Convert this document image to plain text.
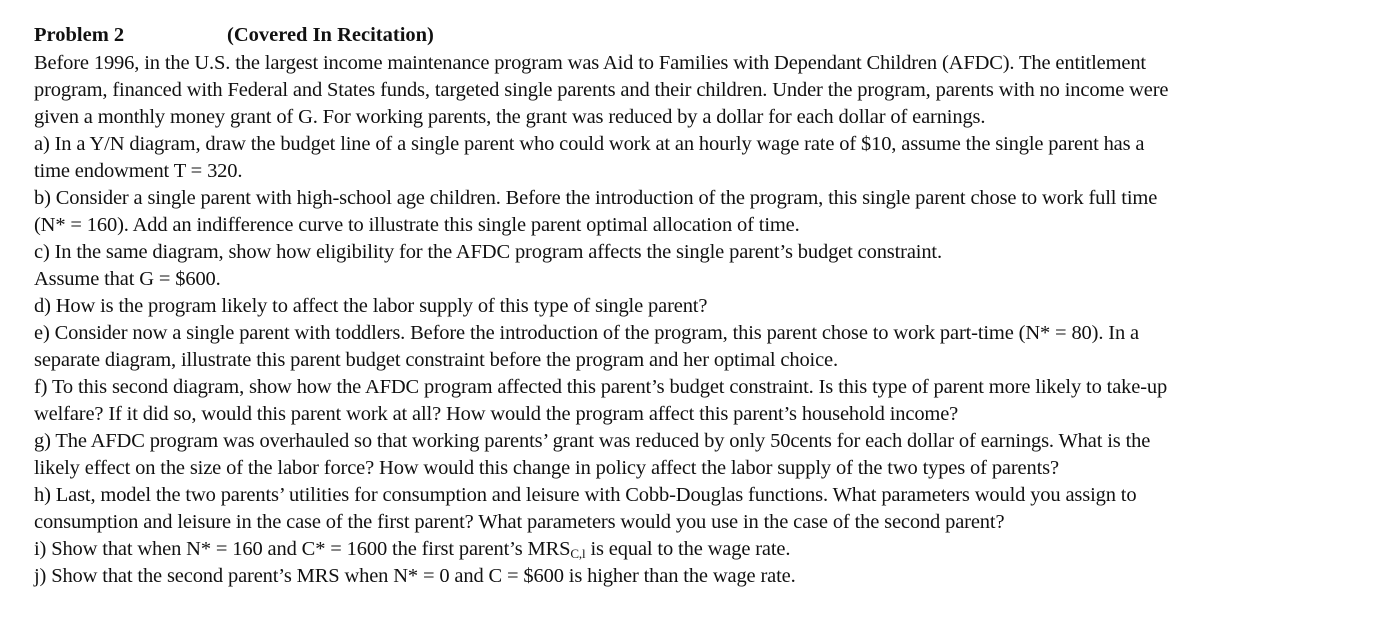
Problem 2	(Covered In Recitation)
Before 1996, in the U.S. the largest income maintenance program was Aid to Families with Dependant Children (AFDC). The entitlement
program, financed with Federal and States funds, targeted single parents and their children. Under the program, parents with no income were
given a monthly money grant of G. For working parents, the grant was reduced by a dollar for each dollar of earnings.
a) In a Y/N diagram, draw the budget line of a single parent who could work at an hourly wage rate of $10, assume the single parent has a
time endowment T = 320.
b) Consider a single parent with high-school age children. Before the introduction of the program, this single parent chose to work full time
(N* = 160). Add an indifference curve to illustrate this single parent optimal allocation of time.
c) In the same diagram, show how eligibility for the AFDC program affects the single parent’s budget constraint.
Assume that G = $600.
d) How is the program likely to affect the labor supply of this type of single parent?
e) Consider now a single parent with toddlers. Before the introduction of the program, this parent chose to work part-time (N* = 80). In a
separate diagram, illustrate this parent budget constraint before the program and her optimal choice.
f) To this second diagram, show how the AFDC program affected this parent’s budget constraint. Is this type of parent more likely to take-up
welfare? If it did so, would this parent work at all? How would the program affect this parent’s household income?
g) The AFDC program was overhauled so that working parents’ grant was reduced by only 50cents for each dollar of earnings. What is the
likely effect on the size of the labor force? How would this change in policy affect the labor supply of the two types of parents?
h) Last, model the two parents’ utilities for consumption and leisure with Cobb-Douglas functions. What parameters would you assign to
consumption and leisure in the case of the first parent? What parameters would you use in the case of the second parent?
i) Show that when N* = 160 and C* = 1600 the first parent’s $MRS_{C,l}$ is equal to the wage rate.
j) Show that the second parent’s MRS when N* = 0 and C = $600 is higher than the wage rate.
